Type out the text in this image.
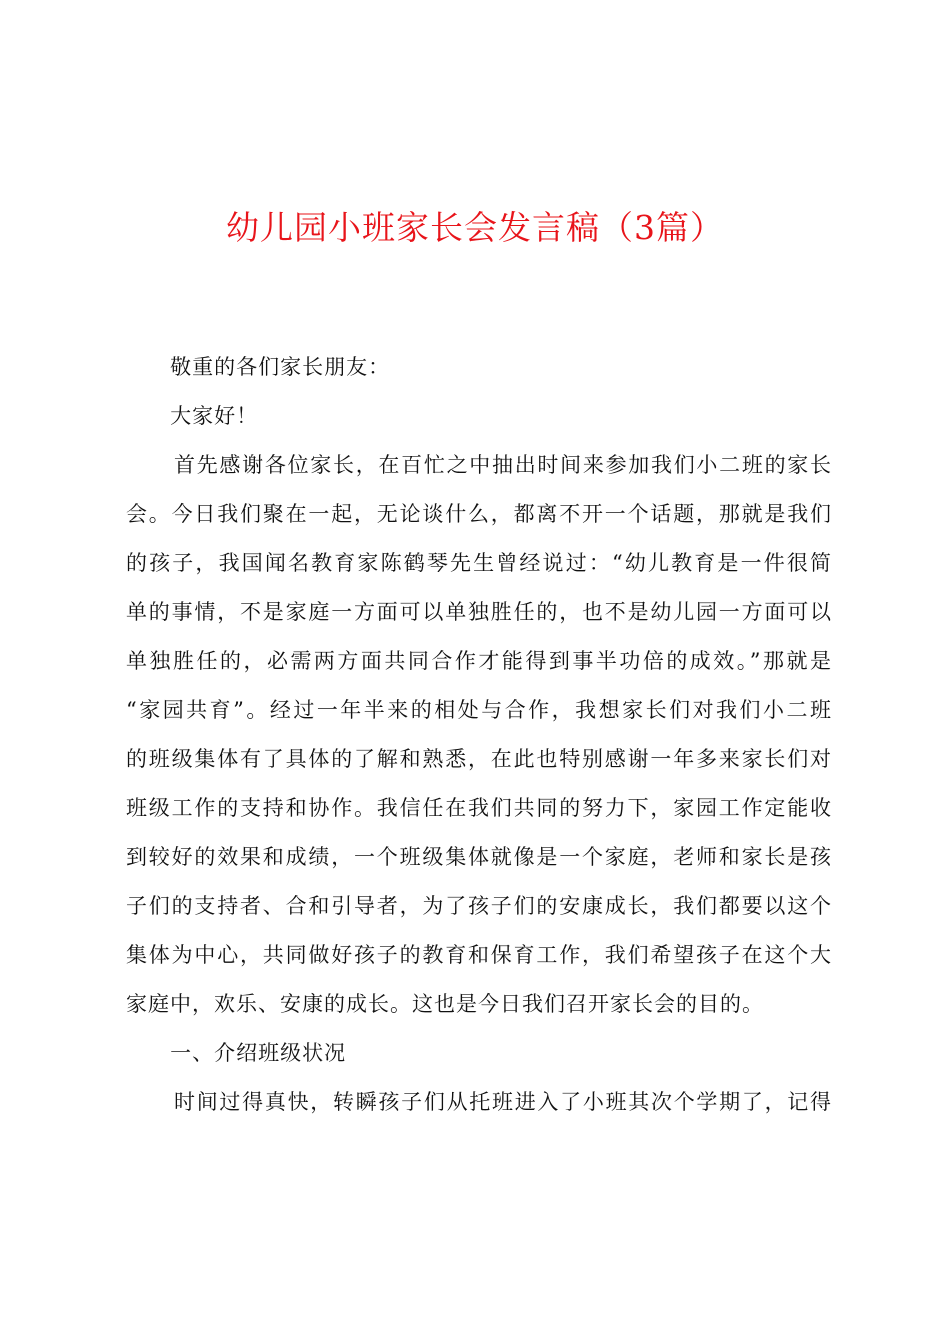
幼儿园小班家长会发言稿（3篇）

敬重的各们家长朋友：

大家好！

首先感谢各位家长，在百忙之中抽出时间来参加我们小二班的家长
会。今日我们聚在一起，无论谈什么，都离不开一个话题，那就是我们
的孩子，我国闻名教育家陈鹤琴先生曾经说过：“幼儿教育是一件很简
单的事情，不是家庭一方面可以单独胜任的，也不是幼儿园一方面可以
单独胜任的，必需两方面共同合作才能得到事半功倍的成效。”那就是
“家园共育”。经过一年半来的相处与合作，我想家长们对我们小二班
的班级集体有了具体的了解和熟悉，在此也特别感谢一年多来家长们对
班级工作的支持和协作。我信任在我们共同的努力下，家园工作定能收
到较好的效果和成绩，一个班级集体就像是一个家庭，老师和家长是孩
子们的支持者、合和引导者，为了孩子们的安康成长，我们都要以这个
集体为中心，共同做好孩子的教育和保育工作，我们希望孩子在这个大
家庭中，欢乐、安康的成长。这也是今日我们召开家长会的目的。

一、介绍班级状况

时间过得真快，转瞬孩子们从托班进入了小班其次个学期了，记得
